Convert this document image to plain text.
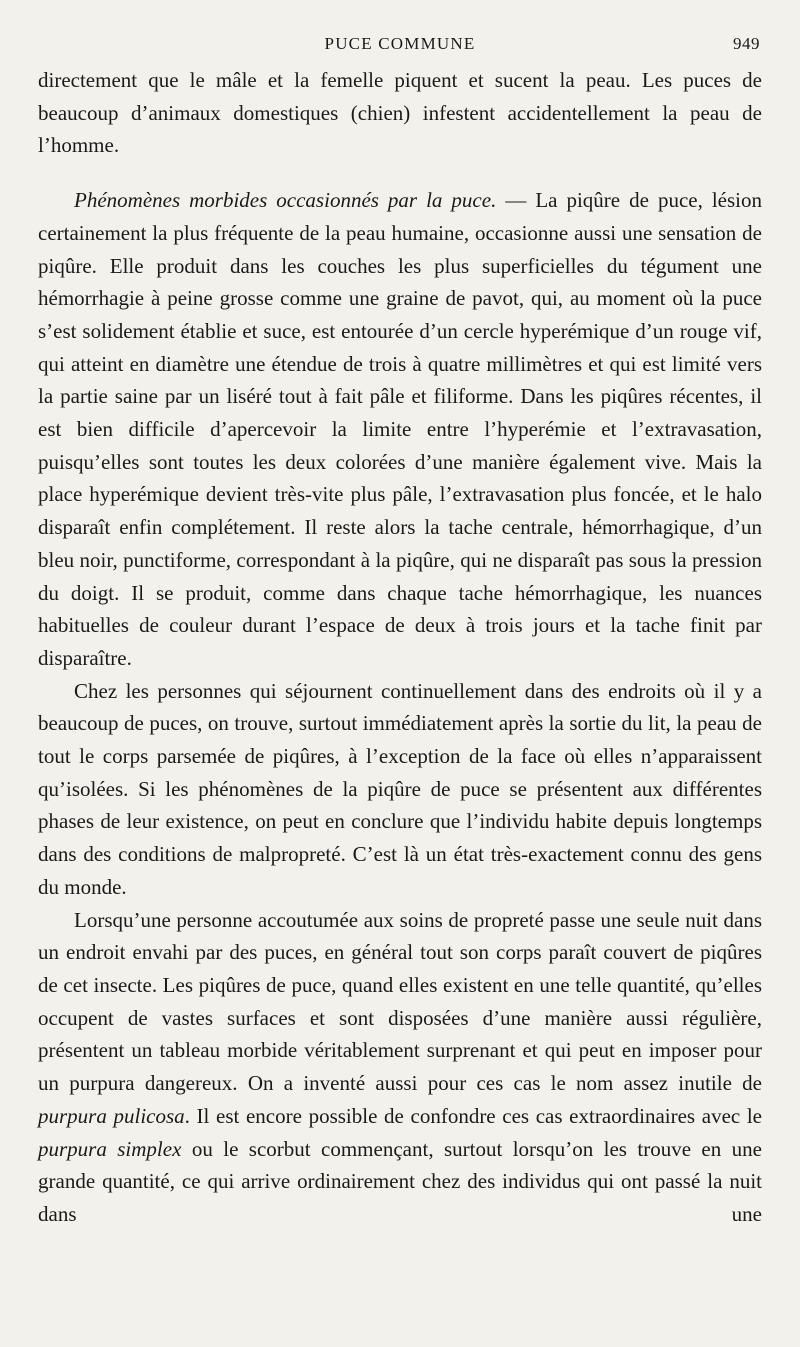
PUCE COMMUNE	949

directement que le mâle et la femelle piquent et sucent la peau. Les puces de beaucoup d’animaux domestiques (chien) infestent accidentellement la peau de l’homme.

Phénomènes morbides occasionnés par la puce. — La piqûre de puce, lésion certainement la plus fréquente de la peau humaine, occasionne aussi une sensation de piqûre. Elle produit dans les couches les plus superficielles du tégument une hémorrhagie à peine grosse comme une graine de pavot, qui, au moment où la puce s’est solidement établie et suce, est entourée d’un cercle hyperémique d’un rouge vif, qui atteint en diamètre une étendue de trois à quatre millimètres et qui est limité vers la partie saine par un liséré tout à fait pâle et filiforme. Dans les piqûres récentes, il est bien difficile d’apercevoir la limite entre l’hyperémie et l’extravasation, puisqu’elles sont toutes les deux colorées d’une manière également vive. Mais la place hyperémique devient très-vite plus pâle, l’extravasation plus foncée, et le halo disparaît enfin complétement. Il reste alors la tache centrale, hémorrhagique, d’un bleu noir, punctiforme, correspondant à la piqûre, qui ne disparaît pas sous la pression du doigt. Il se produit, comme dans chaque tache hémorrhagique, les nuances habituelles de couleur durant l’espace de deux à trois jours et la tache finit par disparaître.

Chez les personnes qui séjournent continuellement dans des endroits où il y a beaucoup de puces, on trouve, surtout immédiatement après la sortie du lit, la peau de tout le corps parsemée de piqûres, à l’exception de la face où elles n’apparaissent qu’isolées. Si les phénomènes de la piqûre de puce se présentent aux différentes phases de leur existence, on peut en conclure que l’individu habite depuis longtemps dans des conditions de malpropreté. C’est là un état très-exactement connu des gens du monde.

Lorsqu’une personne accoutumée aux soins de propreté passe une seule nuit dans un endroit envahi par des puces, en général tout son corps paraît couvert de piqûres de cet insecte. Les piqûres de puce, quand elles existent en une telle quantité, qu’elles occupent de vastes surfaces et sont disposées d’une manière aussi régulière, présentent un tableau morbide véritablement surprenant et qui peut en imposer pour un purpura dangereux. On a inventé aussi pour ces cas le nom assez inutile de purpura pulicosa. Il est encore possible de confondre ces cas extraordinaires avec le purpura simplex ou le scorbut commençant, surtout lorsqu’on les trouve en une grande quantité, ce qui arrive ordinairement chez des individus qui ont passé la nuit dans une
